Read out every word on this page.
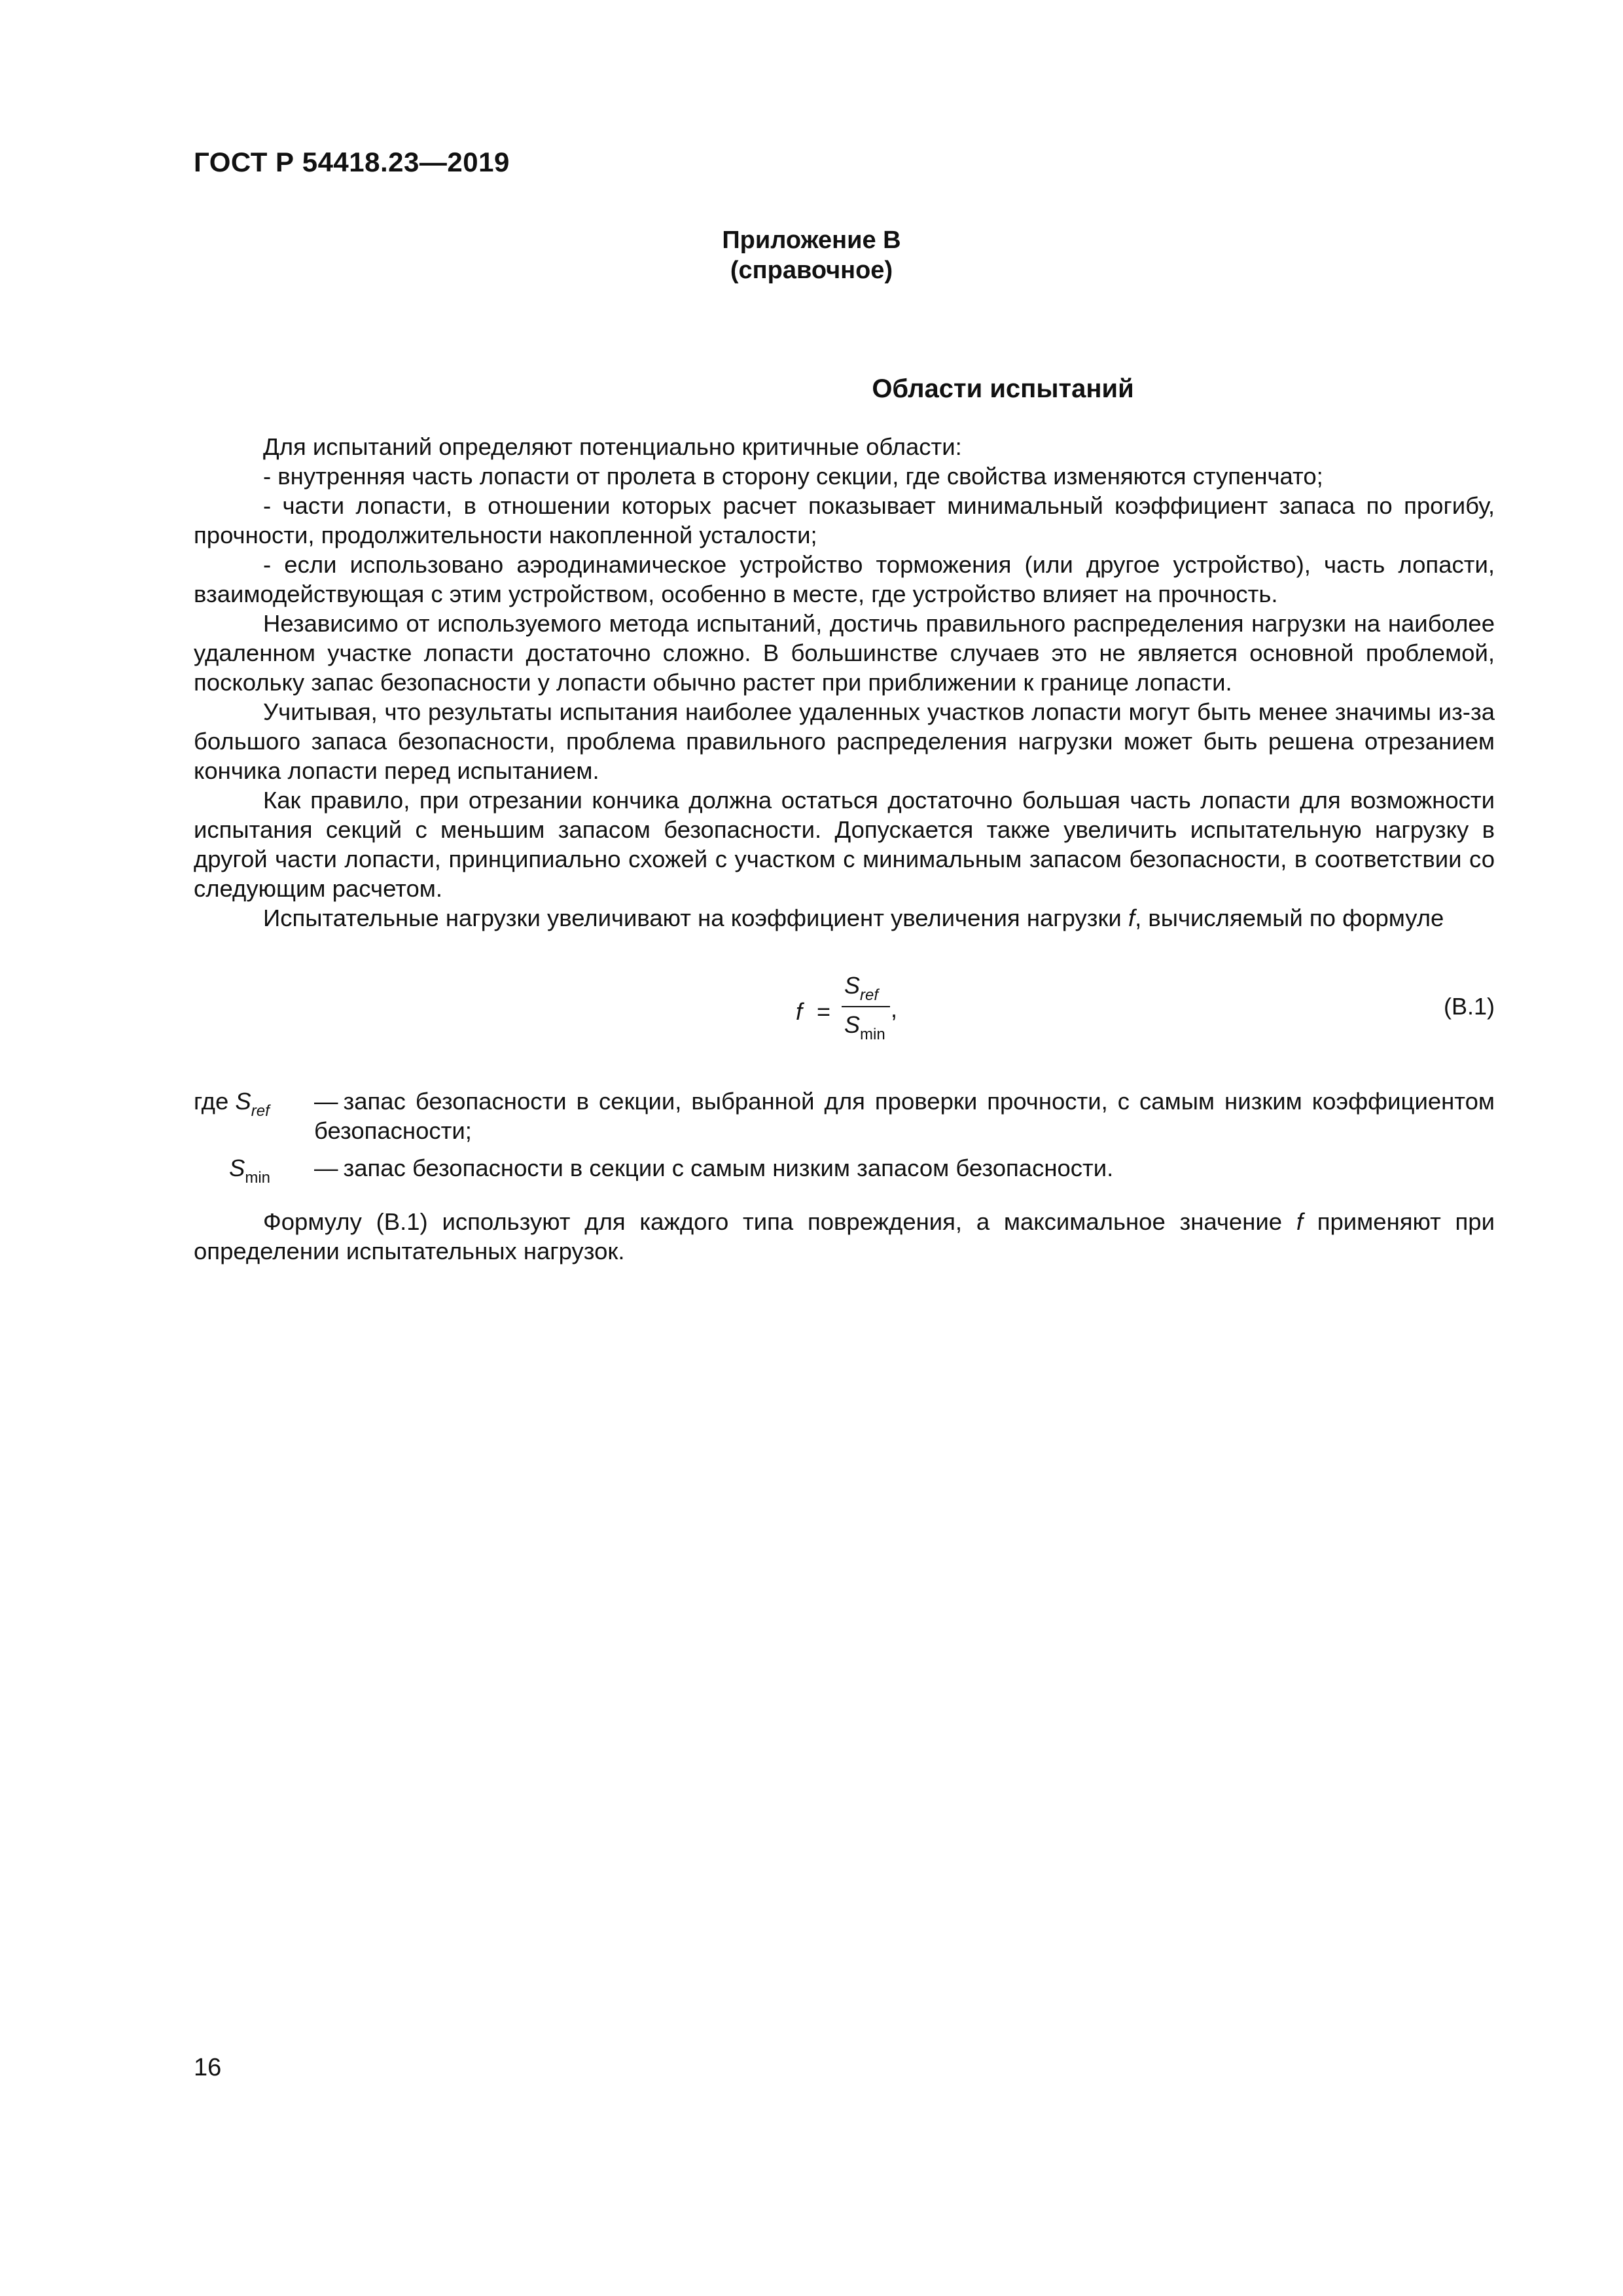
ГОСТ Р 54418.23—2019
Приложение В
(справочное)
Области испытаний

Для испытаний определяют потенциально критичные области:

- внутренняя часть лопасти от пролета в сторону секции, где свойства изменяются ступенчато;

- части лопасти, в отношении которых расчет показывает минимальный коэффициент запаса по прогибу, прочности, продолжительности накопленной усталости;

- если использовано аэродинамическое устройство торможения (или другое устройство), часть лопасти, взаимодействующая с этим устройством, особенно в месте, где устройство влияет на прочность.

Независимо от используемого метода испытаний, достичь правильного распределения нагрузки на наиболее удаленном участке лопасти достаточно сложно. В большинстве случаев это не является основной проблемой, поскольку запас безопасности у лопасти обычно растет при приближении к границе лопасти.

Учитывая, что результаты испытания наиболее удаленных участков лопасти могут быть менее значимы из-за большого запаса безопасности, проблема правильного распределения нагрузки может быть решена отрезанием кончика лопасти перед испытанием.

Как правило, при отрезании кончика должна остаться достаточно большая часть лопасти для возможности испытания секций с меньшим запасом безопасности. Допускается также увеличить испытательную нагрузку в другой части лопасти, принципиально схожей с участком с минимальным запасом безопасности, в соответствии со следующим расчетом.

Испытательные нагрузки увеличивают на коэффициент увеличения нагрузки f, вычисляемый по формуле

f =
$S_{ref}$
$S_{min}$
,	(В.1)
где $S_{ref}$	— запас безопасности в секции, выбранной для проверки прочности, с самым низким коэффициентом безопасности;
$S_{min}$	— запас безопасности в секции с самым низким запасом безопасности.

Формулу (В.1) используют для каждого типа повреждения, а максимальное значение f применяют при определении испытательных нагрузок.

16
